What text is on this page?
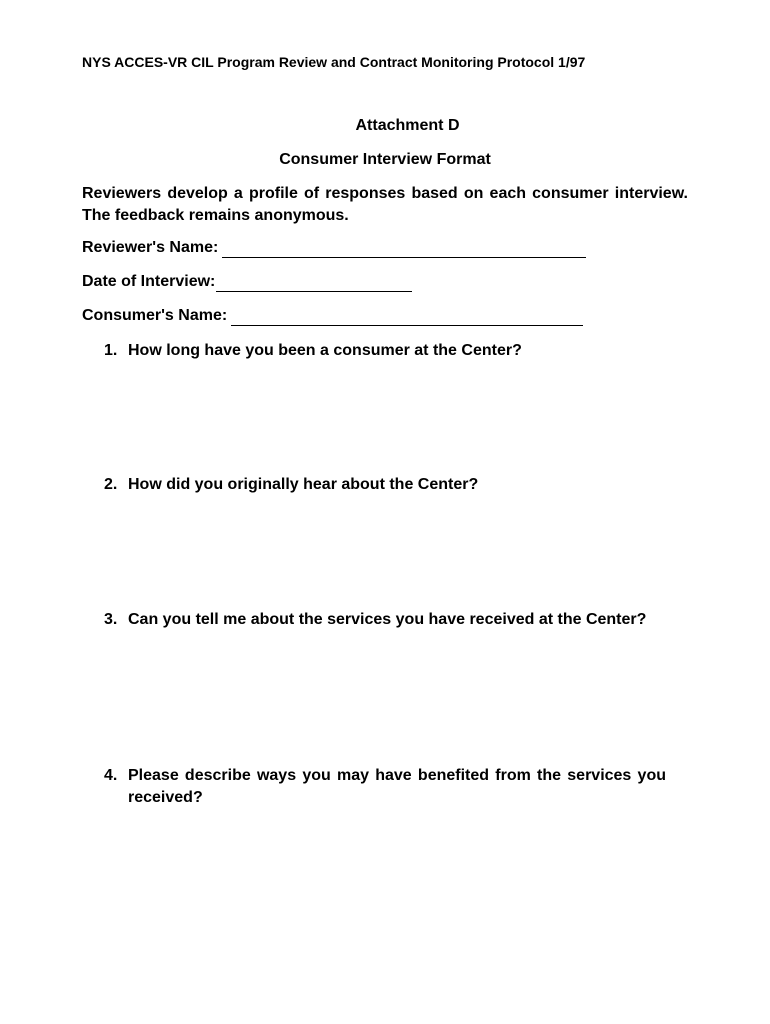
NYS ACCES-VR CIL Program Review and Contract Monitoring Protocol 1/97
Attachment D
Consumer Interview Format
Reviewers develop a profile of responses based on each consumer interview. The feedback remains anonymous.
Reviewer's Name:
Date of Interview:
Consumer's Name:
1. How long have you been a consumer at the Center?
2. How did you originally hear about the Center?
3. Can you tell me about the services you have received at the Center?
4. Please describe ways you may have benefited from the services you received?
